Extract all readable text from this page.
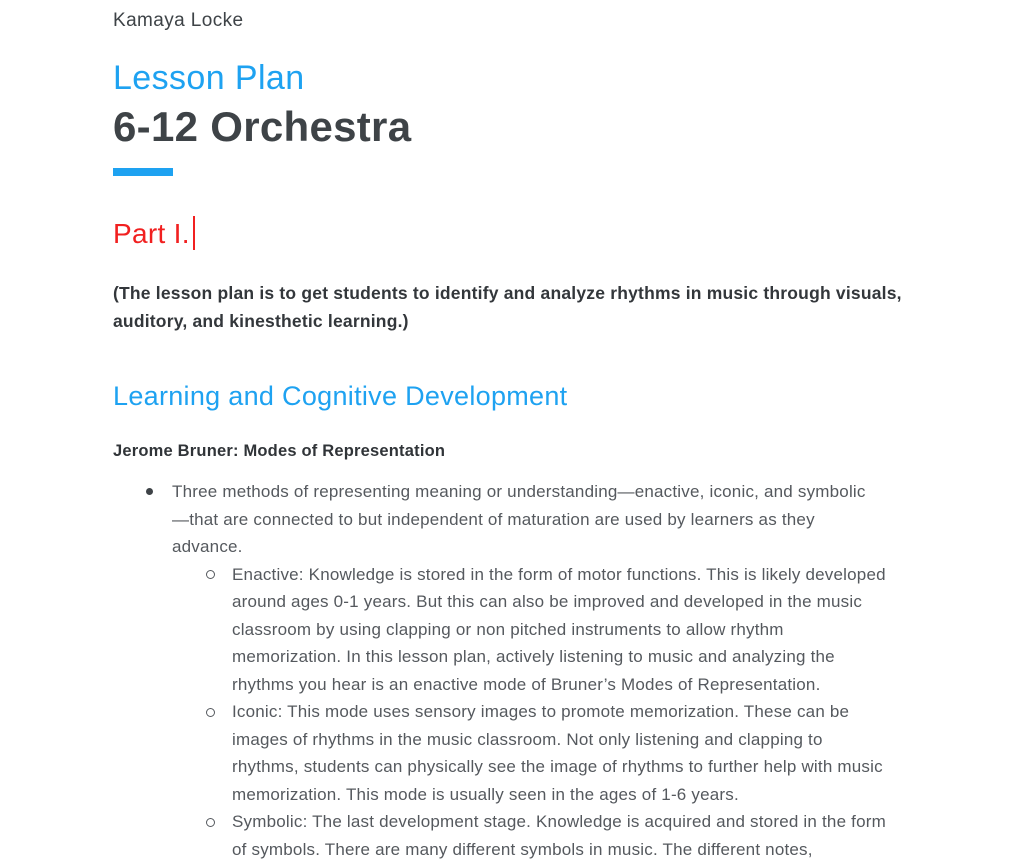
Kamaya Locke
Lesson Plan
6-12 Orchestra
Part I.
(The lesson plan is to get students to identify and analyze rhythms in music through visuals, auditory, and kinesthetic learning.)
Learning and Cognitive Development
Jerome Bruner: Modes of Representation
Three methods of representing meaning or understanding—enactive, iconic, and symbolic—that are connected to but independent of maturation are used by learners as they advance.
Enactive: Knowledge is stored in the form of motor functions. This is likely developed around ages 0-1 years. But this can also be improved and developed in the music classroom by using clapping or non pitched instruments to allow rhythm memorization. In this lesson plan, actively listening to music and analyzing the rhythms you hear is an enactive mode of Bruner’s Modes of Representation.
Iconic: This mode uses sensory images to promote memorization. These can be images of rhythms in the music classroom. Not only listening and clapping to rhythms, students can physically see the image of rhythms to further help with music memorization. This mode is usually seen in the ages of 1-6 years.
Symbolic: The last development stage. Knowledge is acquired and stored in the form of symbols. There are many different symbols in music. The different notes,
